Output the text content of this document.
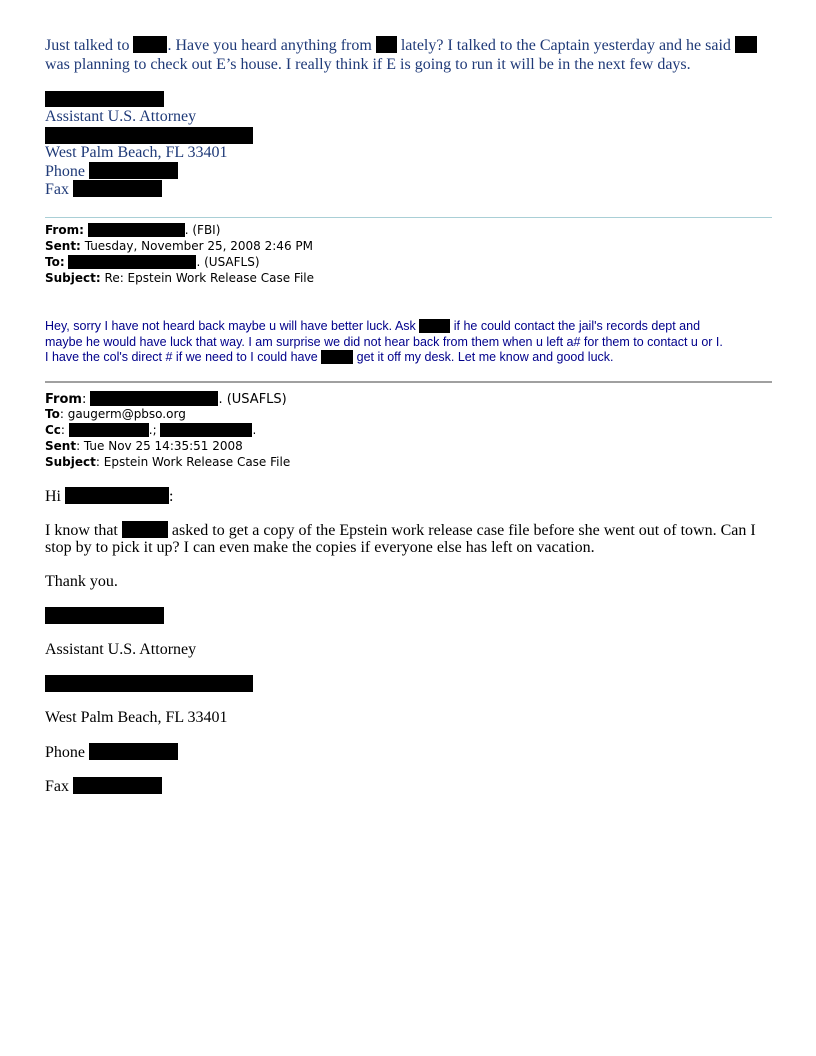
Just talked to . Have you heard anything from lately? I talked to the Captain yesterday and he said
was planning to check out E’s house. I really think if E is going to run it will be in the next few days.
Assistant U.S. Attorney
West Palm Beach, FL 33401
Phone
Fax
From:	. (FBI)
Sent: Tuesday, November 25, 2008 2:46 PM
To:	. (USAFLS)
Subject: Re: Epstein Work Release Case File
Hey, sorry I have not heard back maybe u will have better luck. Ask	if he could contact the jail's records dept and
maybe he would have luck that way. I am surprise we did not hear back from them when u left a# for them to contact u or I.
I have the col's direct # if we need to I could have	get it off my desk. Let me know and good luck.
From:	. (USAFLS)
To: gaugerm@pbso.org
Cc:	.;	.
Sent: Tue Nov 25 14:35:51 2008
Subject: Epstein Work Release Case File
Hi	:
I know that	asked to get a copy of the Epstein work release case file before she went out of town. Can I
stop by to pick it up? I can even make the copies if everyone else has left on vacation.
Thank you.
Assistant U.S. Attorney
West Palm Beach, FL 33401
Phone
Fax
